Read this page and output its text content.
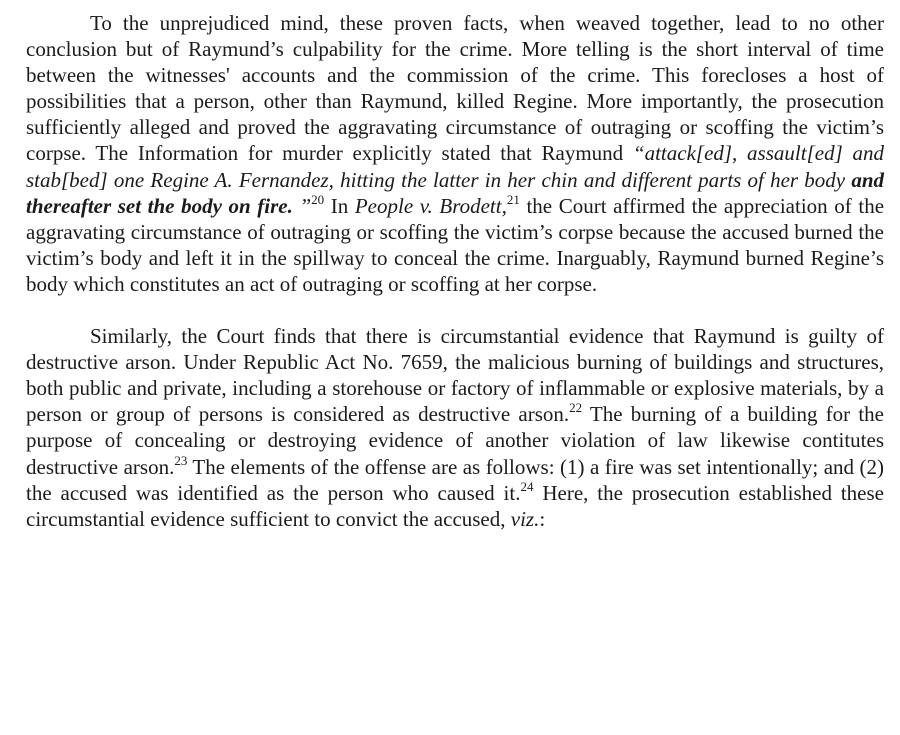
To the unprejudiced mind, these proven facts, when weaved together, lead to no other conclusion but of Raymund’s culpability for the crime. More telling is the short interval of time between the witnesses' accounts and the commission of the crime. This forecloses a host of possibilities that a person, other than Raymund, killed Regine. More importantly, the prosecution sufficiently alleged and proved the aggravating circumstance of outraging or scoffing the victim’s corpse. The Information for murder explicitly stated that Raymund “attack[ed], assault[ed] and stab[bed] one Regine A. Fernandez, hitting the latter in her chin and different parts of her body and thereafter set the body on fire. ”$^{20}$ In People v. Brodett,$^{21}$ the Court affirmed the appreciation of the aggravating circumstance of outraging or scoffing the victim’s corpse because the accused burned the victim’s body and left it in the spillway to conceal the crime. Inarguably, Raymund burned Regine’s body which constitutes an act of outraging or scoffing at her corpse.

Similarly, the Court finds that there is circumstantial evidence that Raymund is guilty of destructive arson. Under Republic Act No. 7659, the malicious burning of buildings and structures, both public and private, including a storehouse or factory of inflammable or explosive materials, by a person or group of persons is considered as destructive arson.$^{22}$ The burning of a building for the purpose of concealing or destroying evidence of another violation of law likewise contitutes destructive arson.$^{23}$ The elements of the offense are as follows: (1) a fire was set intentionally; and (2) the accused was identified as the person who caused it.$^{24}$ Here, the prosecution established these circumstantial evidence sufficient to convict the accused, viz.:
